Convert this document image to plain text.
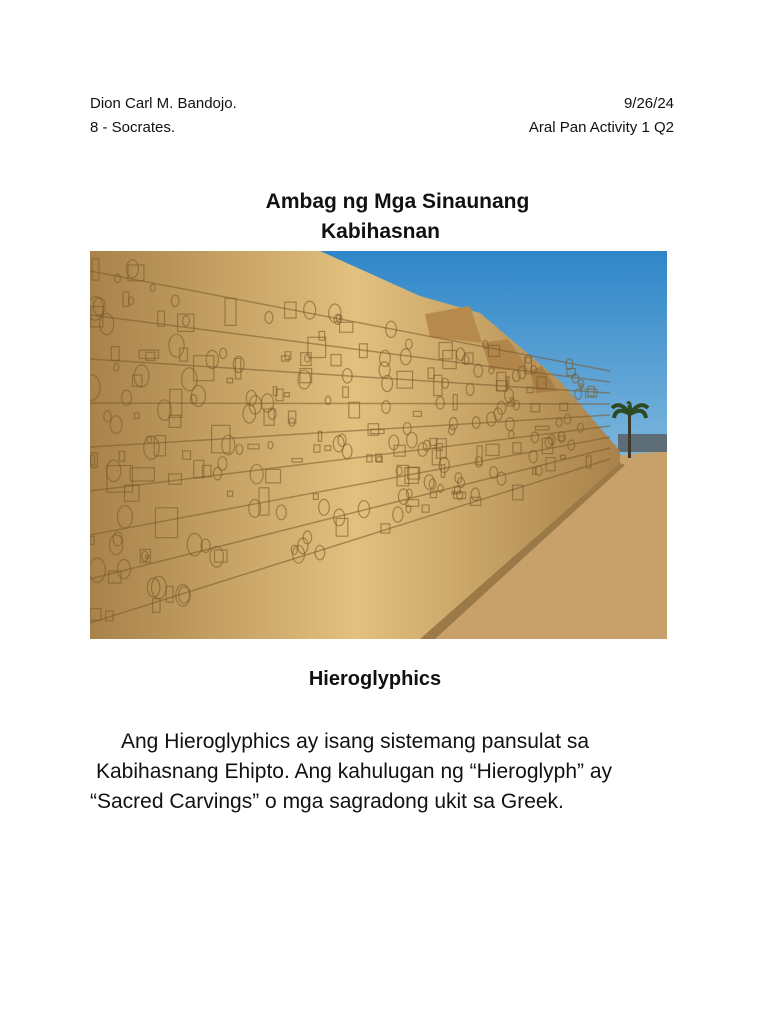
Dion Carl M. Bandojo.	9/26/24
8 - Socrates.	Aral Pan Activity 1 Q2
Ambag ng Mga Sinaunang
Kabihasnan
Hieroglyphics
Ang Hieroglyphics ay isang sistemang pansulat sa
Kabihasnang Ehipto. Ang kahulugan ng “Hieroglyph” ay
“Sacred Carvings” o mga sagradong ukit sa Greek.
